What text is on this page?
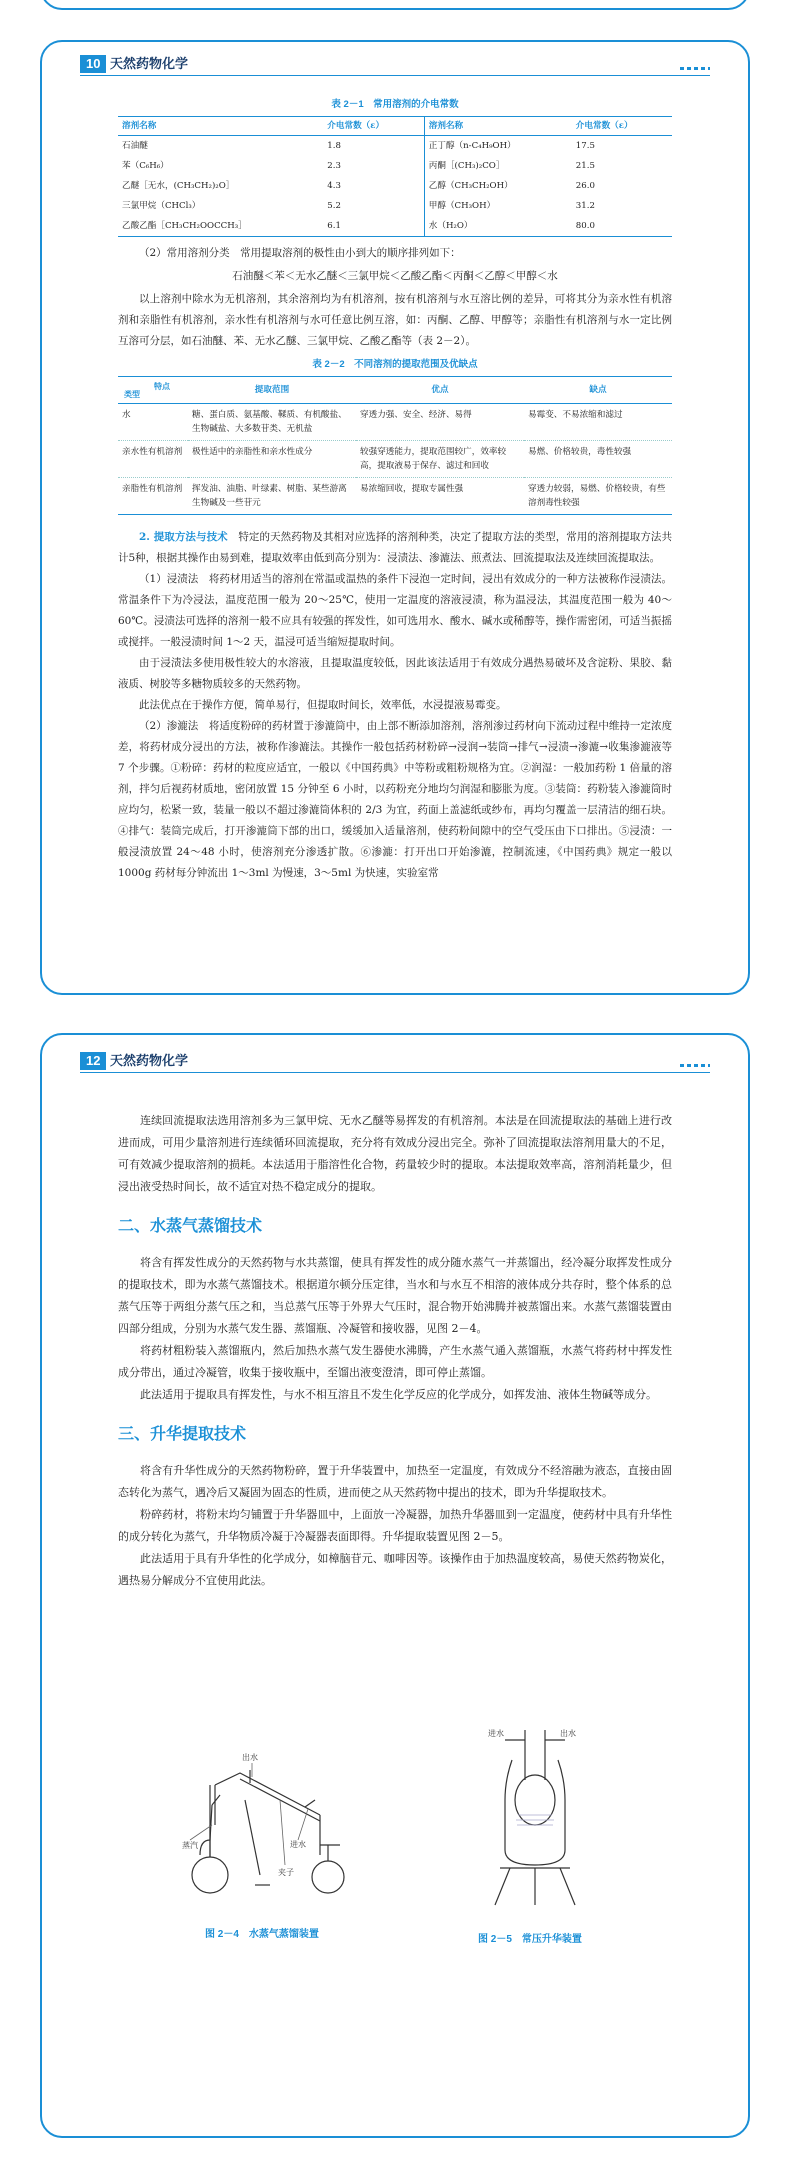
10 天然药物化学
表 2－1　常用溶剂的介电常数
溶剂名称	介电常数（ε）	溶剂名称	介电常数（ε）
石油醚	1.8	正丁醇（n-C₄H₉OH）	17.5
苯（C₆H₆）	2.3	丙酮［(CH₃)₂CO］	21.5
乙醚［无水，(CH₃CH₂)₂O］	4.3	乙醇（CH₃CH₂OH）	26.0
三氯甲烷（CHCl₃）	5.2	甲醇（CH₃OH）	31.2
乙酸乙酯［CH₃CH₂OOCCH₃］	6.1	水（H₂O）	80.0

（2）常用溶剂分类　常用提取溶剂的极性由小到大的顺序排列如下：

石油醚＜苯＜无水乙醚＜三氯甲烷＜乙酸乙酯＜丙酮＜乙醇＜甲醇＜水

以上溶剂中除水为无机溶剂，其余溶剂均为有机溶剂，按有机溶剂与水互溶比例的差异，可将其分为亲水性有机溶剂和亲脂性有机溶剂，亲水性有机溶剂与水可任意比例互溶，如：丙酮、乙醇、甲醇等；亲脂性有机溶剂与水一定比例互溶可分层，如石油醚、苯、无水乙醚、三氯甲烷、乙酸乙酯等（表 2－2）。

表 2－2　不同溶剂的提取范围及优缺点
特点
类型	提取范围	优点	缺点
水	糖、蛋白质、氨基酸、鞣质、有机酸盐、生物碱盐、大多数苷类、无机盐	穿透力强、安全、经济、易得	易霉变、不易浓缩和滤过
亲水性有机溶剂	极性适中的亲脂性和亲水性成分	较强穿透能力，提取范围较广，效率较高，提取液易于保存、滤过和回收	易燃、价格较贵，毒性较强
亲脂性有机溶剂	挥发油、油脂、叶绿素、树脂、某些游离生物碱及一些苷元	易浓缩回收，提取专属性强	穿透力较弱，易燃、价格较贵，有些溶剂毒性较强

2. 提取方法与技术　 特定的天然药物及其相对应选择的溶剂种类，决定了提取方法的类型，常用的溶剂提取方法共计5种，根据其操作由易到难，提取效率由低到高分别为：浸渍法、渗漉法、煎煮法、回流提取法及连续回流提取法。

（1）浸渍法　将药材用适当的溶剂在常温或温热的条件下浸泡一定时间，浸出有效成分的一种方法被称作浸渍法。常温条件下为冷浸法，温度范围一般为 20～25℃，使用一定温度的溶液浸渍，称为温浸法，其温度范围一般为 40～60℃。浸渍法可选择的溶剂一般不应具有较强的挥发性，如可选用水、酸水、碱水或稀醇等，操作需密闭，可适当振摇或搅拌。一般浸渍时间 1～2 天，温浸可适当缩短提取时间。

由于浸渍法多使用极性较大的水溶液，且提取温度较低，因此该法适用于有效成分遇热易破坏及含淀粉、果胶、黏液质、树胶等多糖物质较多的天然药物。

此法优点在于操作方便，简单易行，但提取时间长，效率低，水浸提液易霉变。

（2）渗漉法　将适度粉碎的药材置于渗漉筒中，由上部不断添加溶剂，溶剂渗过药材向下流动过程中维持一定浓度差，将药材成分浸出的方法，被称作渗漉法。其操作一般包括药材粉碎→浸润→装筒→排气→浸渍→渗漉→收集渗漉液等 7 个步骤。①粉碎：药材的粒度应适宜，一般以《中国药典》中等粉或粗粉规格为宜。②润湿：一般加药粉 1 倍量的溶剂，拌匀后视药材质地，密闭放置 15 分钟至 6 小时，以药粉充分地均匀润湿和膨胀为度。③装筒：药粉装入渗漉筒时应均匀，松紧一致，装量一般以不超过渗漉筒体积的 2/3 为宜，药面上盖滤纸或纱布，再均匀覆盖一层清洁的细石块。④排气：装筒完成后，打开渗漉筒下部的出口，缓缓加入适量溶剂，使药粉间隙中的空气受压由下口排出。⑤浸渍：一般浸渍放置 24～48 小时，使溶剂充分渗透扩散。⑥渗漉：打开出口开始渗漉，控制流速，《中国药典》规定一般以 1000g 药材每分钟流出 1～3ml 为慢速，3～5ml 为快速，实验室常

12 天然药物化学

连续回流提取法选用溶剂多为三氯甲烷、无水乙醚等易挥发的有机溶剂。本法是在回流提取法的基础上进行改进而成，可用少量溶剂进行连续循环回流提取，充分将有效成分浸出完全。弥补了回流提取法溶剂用量大的不足，可有效减少提取溶剂的损耗。本法适用于脂溶性化合物，药量较少时的提取。本法提取效率高，溶剂消耗量少，但浸出液受热时间长，故不适宜对热不稳定成分的提取。

二、水蒸气蒸馏技术

将含有挥发性成分的天然药物与水共蒸馏，使具有挥发性的成分随水蒸气一并蒸馏出，经冷凝分取挥发性成分的提取技术，即为水蒸气蒸馏技术。根据道尔顿分压定律，当水和与水互不相溶的液体成分共存时，整个体系的总蒸气压等于两组分蒸气压之和，当总蒸气压等于外界大气压时，混合物开始沸腾并被蒸馏出来。水蒸气蒸馏装置由四部分组成，分别为水蒸气发生器、蒸馏瓶、冷凝管和接收器，见图 2－4。

将药材粗粉装入蒸馏瓶内，然后加热水蒸气发生器使水沸腾，产生水蒸气通入蒸馏瓶，水蒸气将药材中挥发性成分带出，通过冷凝管，收集于接收瓶中，至馏出液变澄清，即可停止蒸馏。

此法适用于提取具有挥发性，与水不相互溶且不发生化学反应的化学成分，如挥发油、液体生物碱等成分。

三、升华提取技术

将含有升华性成分的天然药物粉碎，置于升华装置中，加热至一定温度，有效成分不经溶融为液态，直接由固态转化为蒸气，遇冷后又凝固为固态的性质，进而使之从天然药物中提出的技术，即为升华提取技术。

粉碎药材，将粉末均匀铺置于升华器皿中，上面放一冷凝器，加热升华器皿到一定温度，使药材中具有升华性的成分转化为蒸气，升华物质冷凝于冷凝器表面即得。升华提取装置见图 2－5。

此法适用于具有升华性的化学成分，如樟脑苷元、咖啡因等。该操作由于加热温度较高，易使天然药物炭化，遇热易分解成分不宜使用此法。

蒸汽
出水
进水
夹子
图 2－4　水蒸气蒸馏装置
进水	出水
图 2－5　常压升华装置
